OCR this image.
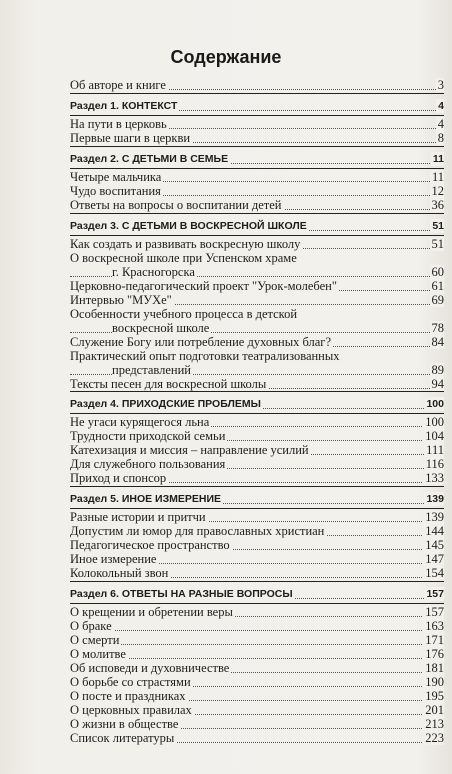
Содержание
Об авторе и книге	3
Раздел 1. КОНТЕКСТ	4
На пути в церковь	4
Первые шаги в церкви	8
Раздел 2. С ДЕТЬМИ В СЕМЬЕ	11
Четыре мальчика	11
Чудо воспитания	12
Ответы на вопросы о воспитании детей	36
Раздел 3. С ДЕТЬМИ В ВОСКРЕСНОЙ ШКОЛЕ	51
Как создать и развивать воскресную школу	51
О воскресной школе при Успенском храме
г. Красногорска	60
Церковно-педагогический проект "Урок-молебен"	61
Интервью "МУХе"	69
Особенности учебного процесса в детской
воскресной школе	78
Служение Богу или потребление духовных благ?	84
Практический опыт подготовки театрализованных
представлений	89
Тексты песен для воскресной школы	94
Раздел 4. ПРИХОДСКИЕ ПРОБЛЕМЫ	100
Не угаси курящегося льна	100
Трудности приходской семьи	104
Катехизация и миссия – направление усилий	111
Для служебного пользования	116
Приход и спонсор	133
Раздел 5. ИНОЕ ИЗМЕРЕНИЕ	139
Разные истории и притчи	139
Допустим ли юмор для православных христиан	144
Педагогическое пространство	145
Иное измерение	147
Колокольный звон	154
Раздел 6. ОТВЕТЫ НА РАЗНЫЕ ВОПРОСЫ	157
О крещении и обретении веры	157
О браке	163
О смерти	171
О молитве	176
Об исповеди и духовничестве	181
О борьбе со страстями	190
О посте и праздниках	195
О церковных правилах	201
О жизни в обществе	213
Список литературы	223
